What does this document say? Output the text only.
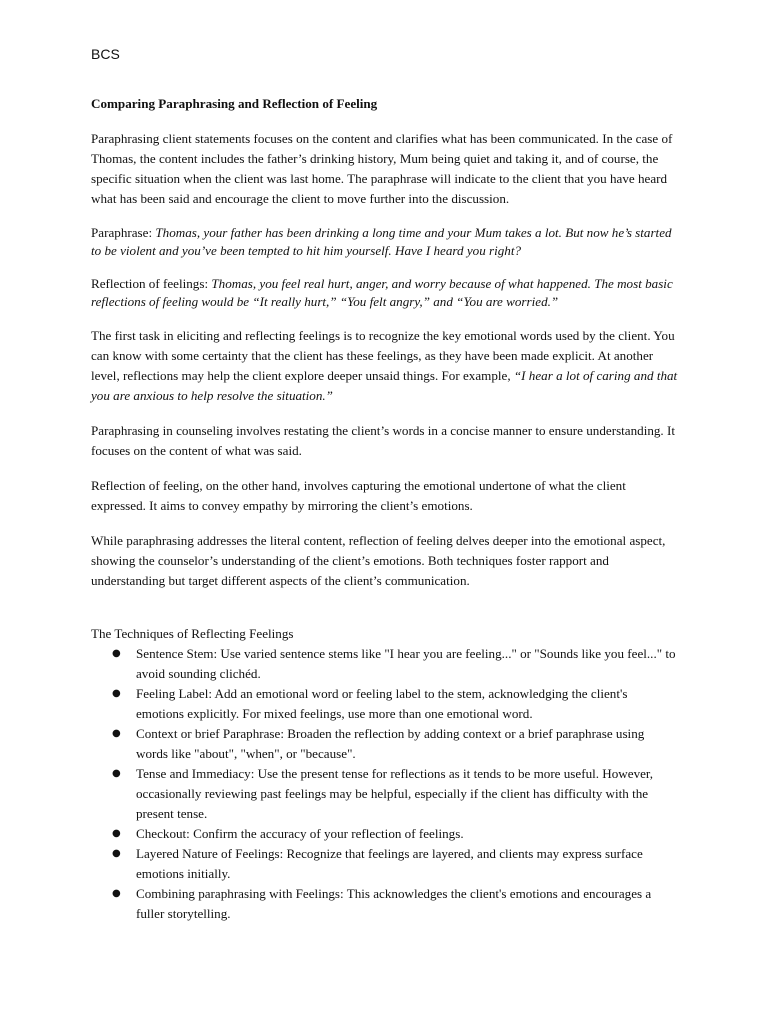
BCS

Comparing Paraphrasing and Reflection of Feeling

Paraphrasing client statements focuses on the content and clarifies what has been communicated. In the case of Thomas, the content includes the father’s drinking history, Mum being quiet and taking it, and of course, the specific situation when the client was last home. The paraphrase will indicate to the client that you have heard what has been said and encourage the client to move further into the discussion.

Paraphrase: Thomas, your father has been drinking a long time and your Mum takes a lot. But now he’s started to be violent and you’ve been tempted to hit him yourself. Have I heard you right?

Reflection of feelings: Thomas, you feel real hurt, anger, and worry because of what happened. The most basic reflections of feeling would be “It really hurt,” “You felt angry,” and “You are worried.”

The first task in eliciting and reflecting feelings is to recognize the key emotional words used by the client. You can know with some certainty that the client has these feelings, as they have been made explicit. At another level, reflections may help the client explore deeper unsaid things. For example, “I hear a lot of caring and that you are anxious to help resolve the situation.”

Paraphrasing in counseling involves restating the client’s words in a concise manner to ensure understanding. It focuses on the content of what was said.

Reflection of feeling, on the other hand, involves capturing the emotional undertone of what the client expressed. It aims to convey empathy by mirroring the client’s emotions.

While paraphrasing addresses the literal content, reflection of feeling delves deeper into the emotional aspect, showing the counselor’s understanding of the client’s emotions. Both techniques foster rapport and understanding but target different aspects of the client’s communication.

The Techniques of Reflecting Feelings

● Sentence Stem: Use varied sentence stems like "I hear you are feeling..." or "Sounds like you feel..." to avoid sounding clichéd.
● Feeling Label: Add an emotional word or feeling label to the stem, acknowledging the client's emotions explicitly. For mixed feelings, use more than one emotional word.
● Context or brief Paraphrase: Broaden the reflection by adding context or a brief paraphrase using words like "about", "when", or "because".
● Tense and Immediacy: Use the present tense for reflections as it tends to be more useful. However, occasionally reviewing past feelings may be helpful, especially if the client has difficulty with the present tense.
● Checkout: Confirm the accuracy of your reflection of feelings.
● Layered Nature of Feelings: Recognize that feelings are layered, and clients may express surface emotions initially.
● Combining paraphrasing with Feelings: This acknowledges the client's emotions and encourages a fuller storytelling.
